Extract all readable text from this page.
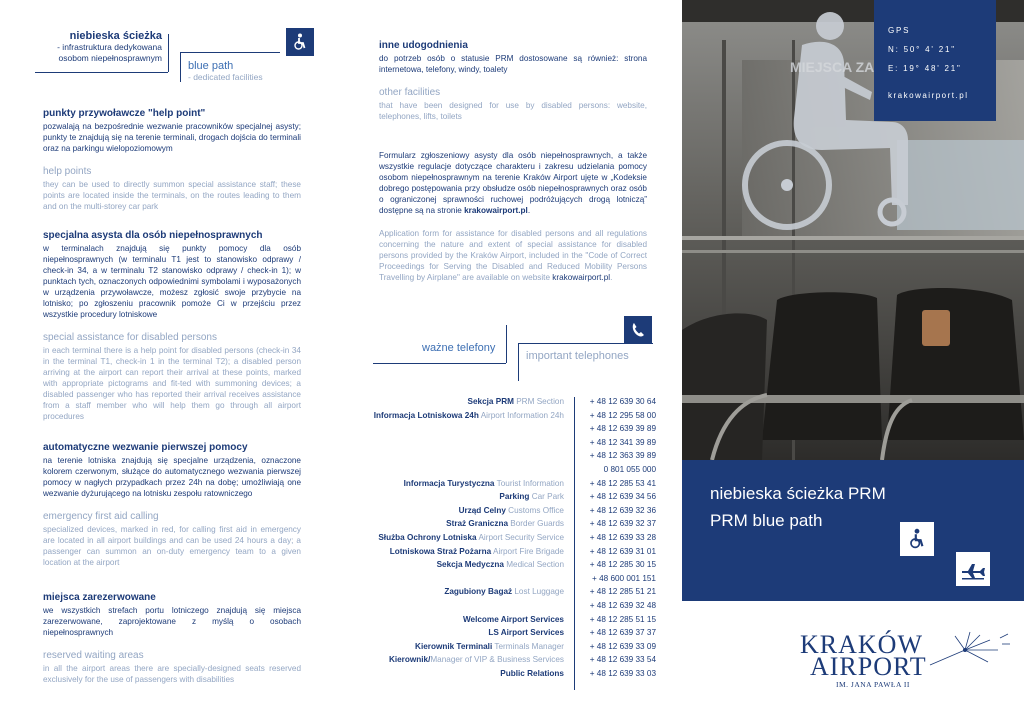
niebieska ścieżka
- infrastruktura dedykowana
osobom niepełnosprawnym
blue path
- dedicated facilities
punkty przywoławcze "help point"

pozwalają na bezpośrednie wezwanie pracowników specjalnej asysty; punkty te znajdują się na terenie terminali, drogach dojścia do terminali oraz na parkingu wielopoziomowym

help points

they can be used to directly summon special assistance staff; these points are located inside the terminals, on the routes leading to them and on the multi-storey car park

specjalna asysta dla osób niepełnosprawnych

w terminalach znajdują się punkty pomocy dla osób niepełnosprawnych (w terminalu T1 jest to stanowisko odprawy / check-in 34, a w terminalu T2 stanowisko odprawy / check-in 1); w punktach tych, oznaczonych odpowiednimi symbolami i wyposażonych w urządzenia przywoławcze, możesz zgłosić swoje przybycie na lotnisko; po zgłoszeniu pracownik pomoże Ci w przejściu przez wszystkie procedury lotniskowe

special assistance for disabled persons

in each terminal there is a help point for disabled persons (check-in 34 in the terminal T1, check-in 1 in the terminal T2); a disabled person arriving at the airport can report their arrival at these points, marked with appropriate pictograms and fit-ted with summoning devices; a disabled passenger who has reported their arrival receives assistance from a staff member who will help them go through all airport procedures

automatyczne wezwanie pierwszej pomocy

na terenie lotniska znajdują się specjalne urządzenia, oznaczone kolorem czerwonym, służące do automatycznego wezwania pierwszej pomocy w nagłych przypadkach przez 24h na dobę; umożliwiają one wezwanie dyżurującego na lotnisku zespołu ratowniczego

emergency first aid calling

specialized devices, marked in red, for calling first aid in emergency are located in all airport buildings and can be used 24 hours a day; a passenger can summon an on-duty emergency team to a given location at the airport

miejsca zarezerwowane

we wszystkich strefach portu lotniczego znajdują się miejsca zarezerwowane, zaprojektowane z myślą o osobach niepełnosprawnych

reserved waiting areas

in all the airport areas there are specially-designed seats reserved exclusively for the use of passengers with disabilities

inne udogodnienia

do potrzeb osób o statusie PRM dostosowane są również: strona internetowa, telefony, windy, toalety

other facilities

that have been designed for use by disabled persons: website, telephones, lifts, toilets

Formularz zgłoszeniowy asysty dla osób niepełnosprawnych, a także wszystkie regulacje dotyczące charakteru i zakresu udzielania pomocy osobom niepełnosprawnym na terenie Kraków Airport ujęte w „Kodeksie dobrego postępowania przy obsłudze osób niepełnosprawnych oraz osób o ograniczonej sprawności ruchowej podróżujących drogą lotniczą” dostępne są na stronie krakowairport.pl.

Application form for assistance for disabled persons and all regulations concerning the nature and extent of special assistance for disabled persons provided by the Kraków Airport, included in the "Code of Correct Proceedings for Serving the Disabled and Reduced Mobility Persons Travelling by Airplane" are available on website krakowairport.pl.

ważne telefony
important telephones
Sekcja PRM PRM Section	+ 48 12 639 30 64
Informacja Lotniskowa 24h Airport Information 24h	+ 48 12 295 58 00
+ 48 12 639 39 89
+ 48 12 341 39 89
+ 48 12 363 39 89
0 801 055 000
Informacja Turystyczna Tourist Information	+ 48 12 285 53 41
Parking Car Park	+ 48 12 639 34 56
Urząd Celny Customs Office	+ 48 12 639 32 36
Straż Graniczna Border Guards	+ 48 12 639 32 37
Służba Ochrony Lotniska Airport Security Service	+ 48 12 639 33 28
Lotniskowa Straż Pożarna Airport Fire Brigade	+ 48 12 639 31 01
Sekcja Medyczna Medical Section	+ 48 12 285 30 15
+ 48 600 001 151
Zagubiony Bagaż Lost Luggage	+ 48 12 285 51 21
+ 48 12 639 32 48
Welcome Airport Services	+ 48 12 285 51 15
LS Airport Services	+ 48 12 639 37 37
Kierownik Terminali Terminals Manager	+ 48 12 639 33 09
Kierownik/Manager of VIP & Business Services	+ 48 12 639 33 54
Public Relations	+ 48 12 639 33 03
MIEJSCA ZA
GPS
N: 50° 4' 21"
E: 19° 48' 21"
krakowairport.pl
niebieska ścieżka PRM
PRM blue path
KRAKÓW
AIRPORT
IM. JANA PAWŁA II
